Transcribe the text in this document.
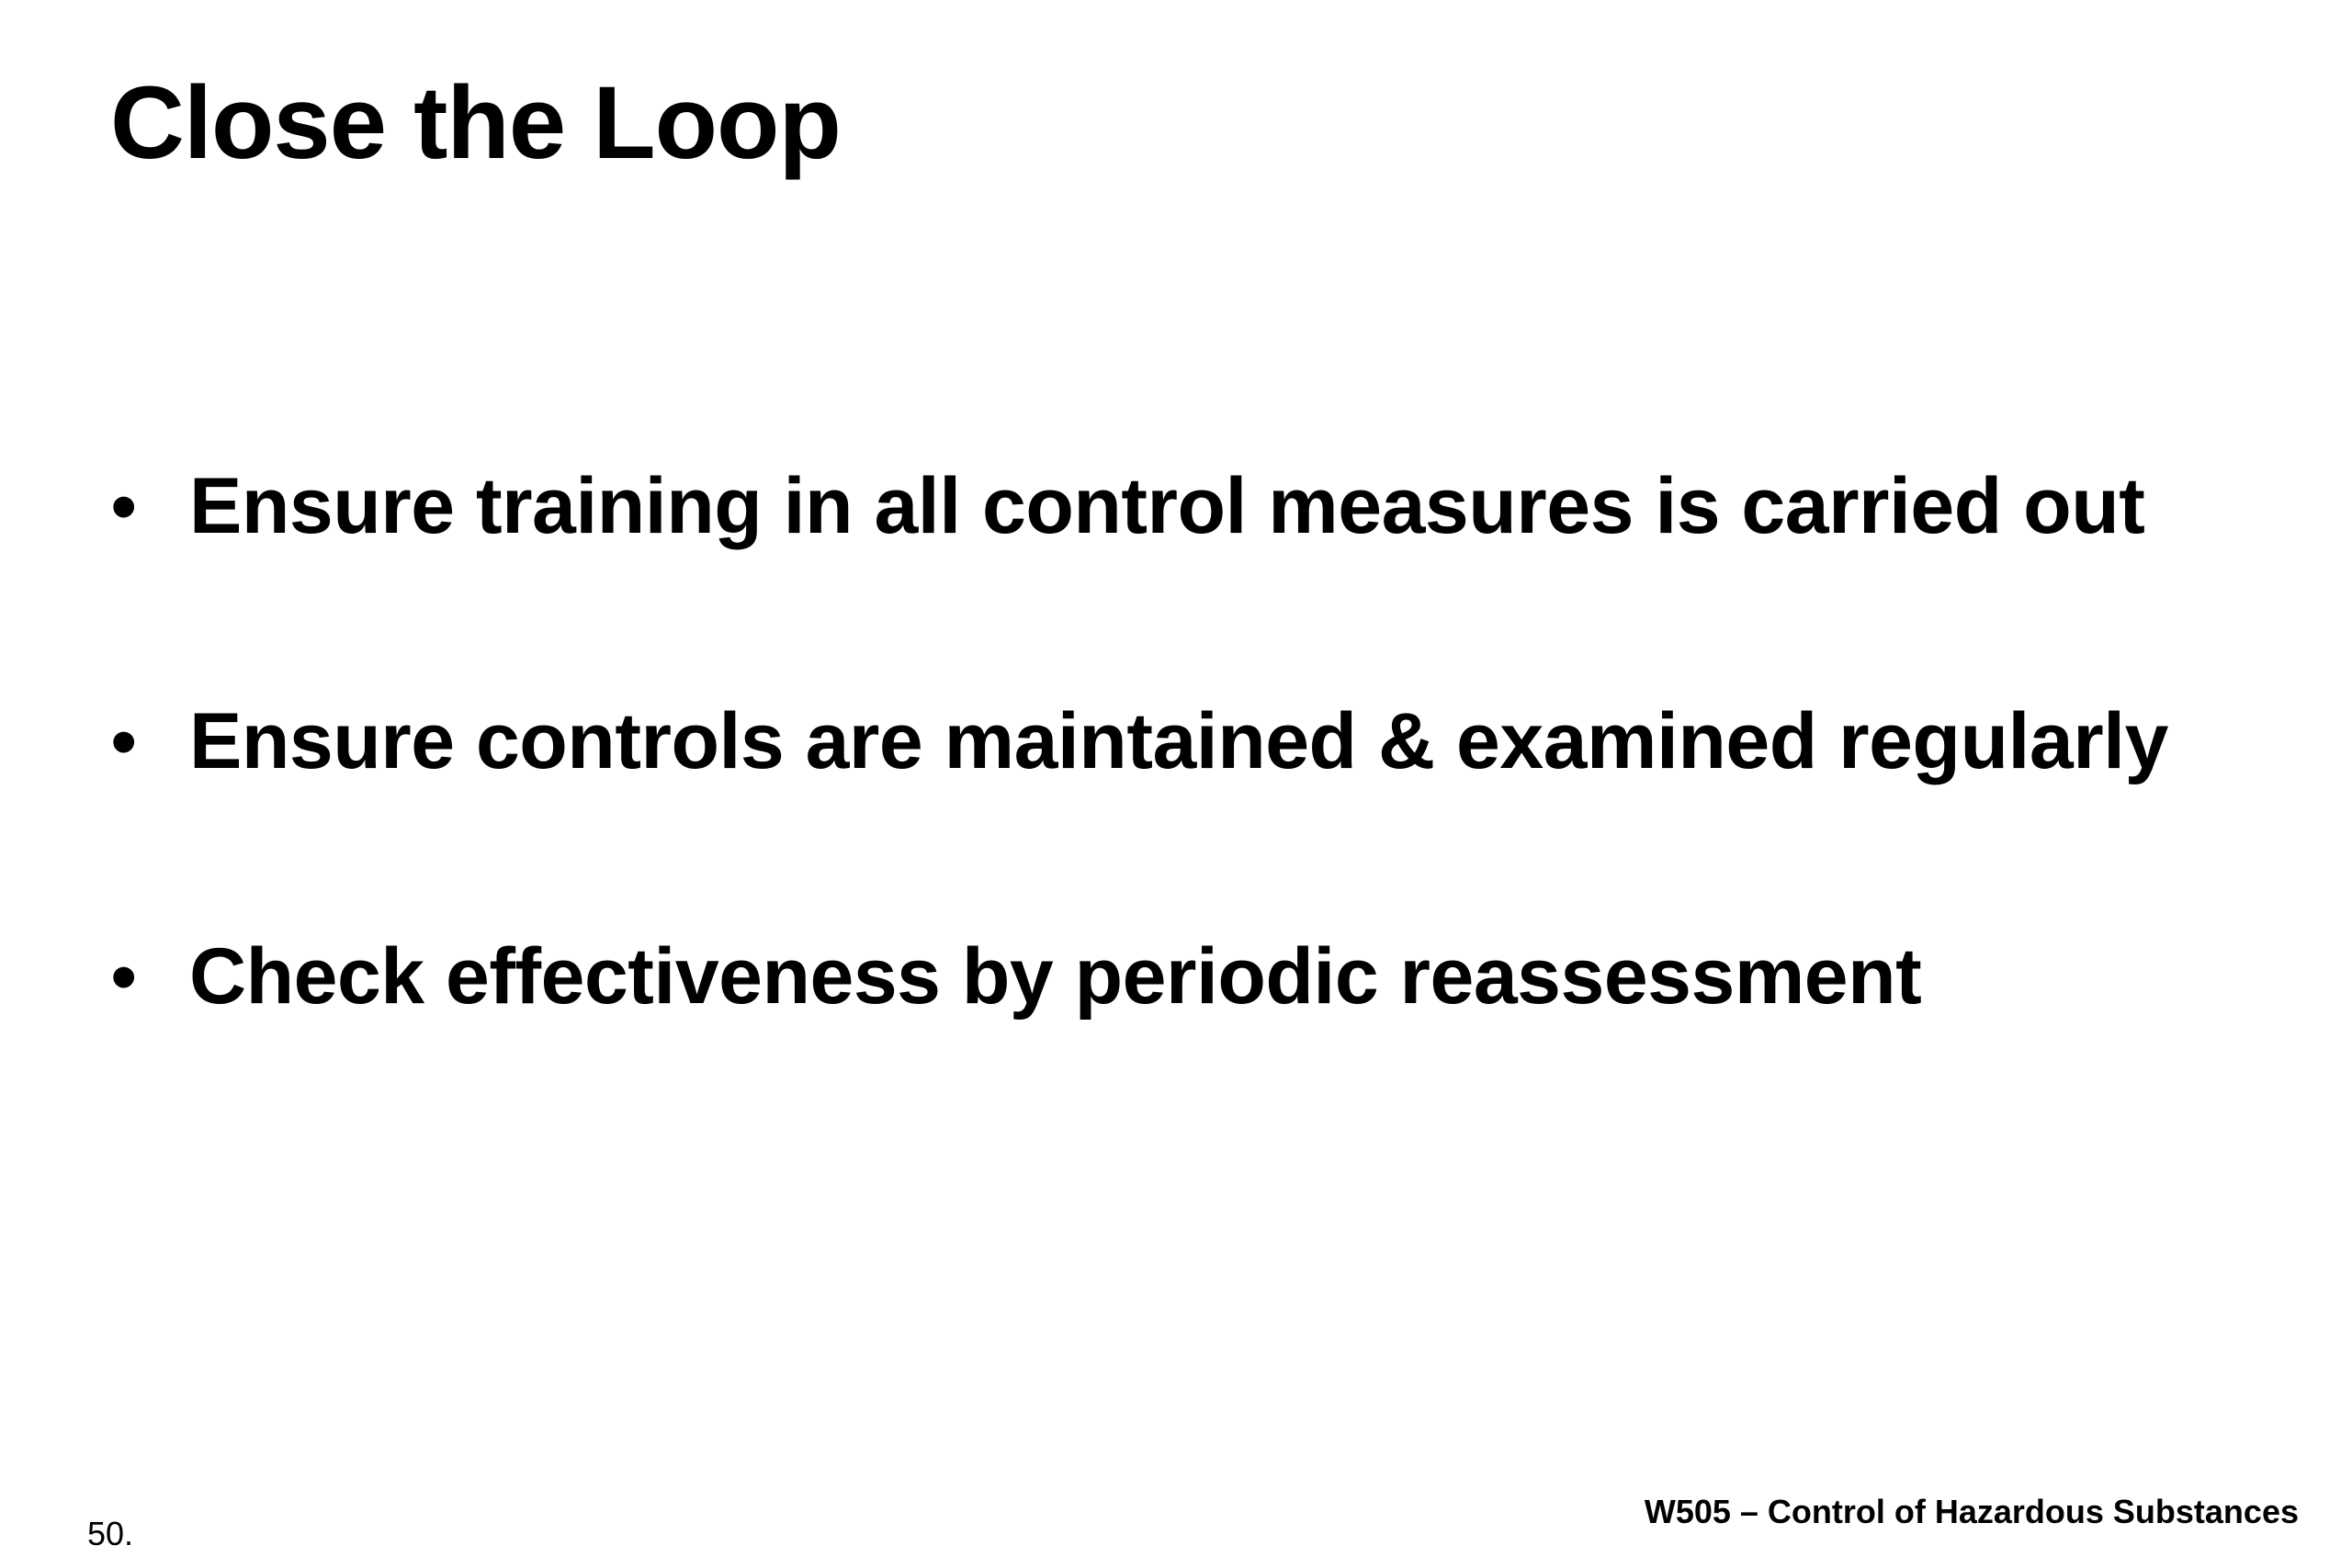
Close the Loop
• Ensure training in all control measures is carried out
• Ensure controls are maintained & examined regularly
• Check effectiveness by periodic reassessment
W505 – Control of Hazardous Substances
50.
